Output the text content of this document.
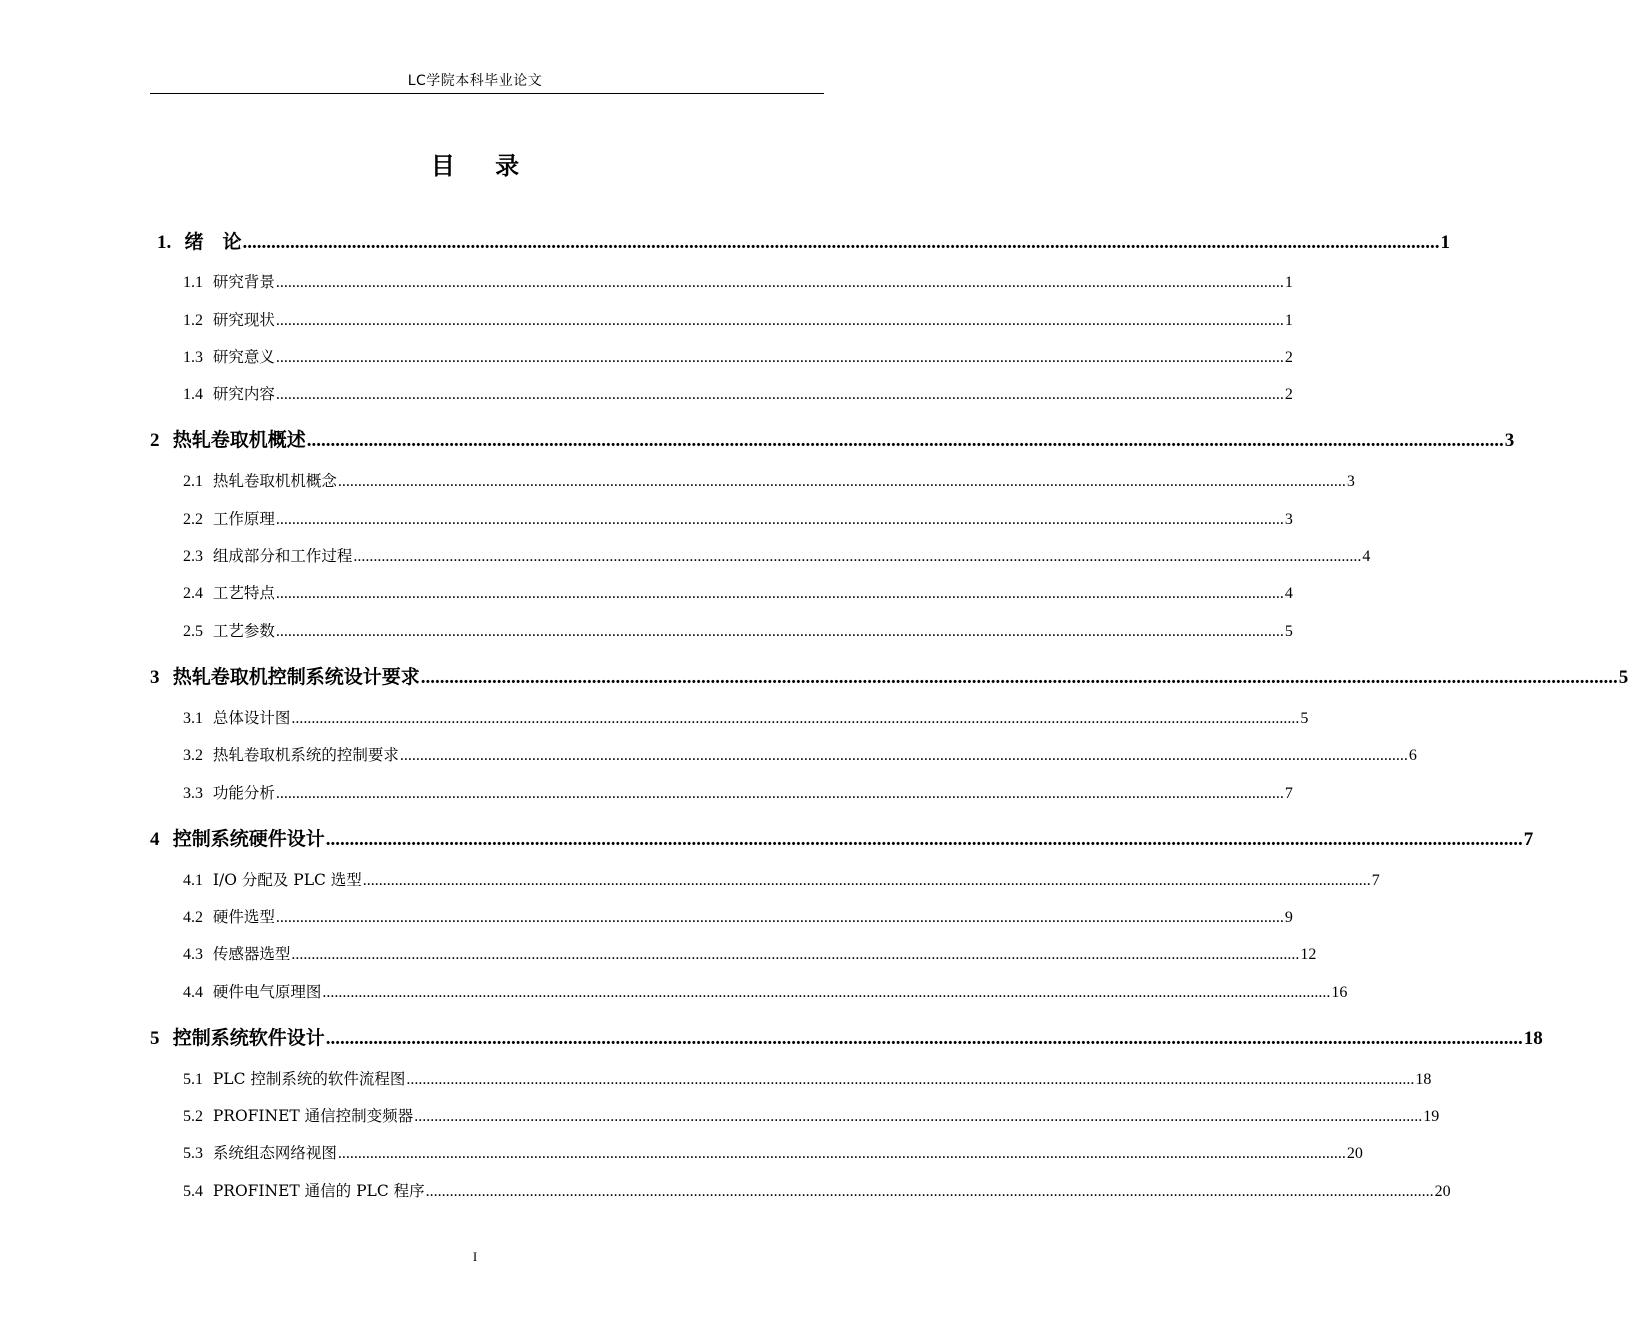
LC学院本科毕业论文
目 录
1. 绪　论 ............................................................................................................................................................................................................................................................ 1
1.1 研究背景 ............................................................................................................................................................................................................................................................ 1
1.2 研究现状 ............................................................................................................................................................................................................................................................ 1
1.3 研究意义 ............................................................................................................................................................................................................................................................ 2
1.4 研究内容 ............................................................................................................................................................................................................................................................ 2
2 热轧卷取机概述 ............................................................................................................................................................................................................................................................ 3
2.1 热轧卷取机机概念 ............................................................................................................................................................................................................................................................ 3
2.2 工作原理 ............................................................................................................................................................................................................................................................ 3
2.3 组成部分和工作过程 ............................................................................................................................................................................................................................................................ 4
2.4 工艺特点 ............................................................................................................................................................................................................................................................ 4
2.5 工艺参数 ............................................................................................................................................................................................................................................................ 5
3 热轧卷取机控制系统设计要求 ............................................................................................................................................................................................................................................................ 5
3.1 总体设计图 ............................................................................................................................................................................................................................................................ 5
3.2 热轧卷取机系统的控制要求 ............................................................................................................................................................................................................................................................ 6
3.3 功能分析 ............................................................................................................................................................................................................................................................ 7
4 控制系统硬件设计 ............................................................................................................................................................................................................................................................ 7
4.1 I/O 分配及 PLC 选型 ............................................................................................................................................................................................................................................................ 7
4.2 硬件选型 ............................................................................................................................................................................................................................................................ 9
4.3 传感器选型 ............................................................................................................................................................................................................................................................ 12
4.4 硬件电气原理图 ............................................................................................................................................................................................................................................................ 16
5 控制系统软件设计 ............................................................................................................................................................................................................................................................ 18
5.1 PLC 控制系统的软件流程图 ............................................................................................................................................................................................................................................................ 18
5.2 PROFINET 通信控制变频器 ............................................................................................................................................................................................................................................................ 19
5.3 系统组态网络视图 ............................................................................................................................................................................................................................................................ 20
5.4 PROFINET 通信的 PLC 程序 ............................................................................................................................................................................................................................................................ 20
I
